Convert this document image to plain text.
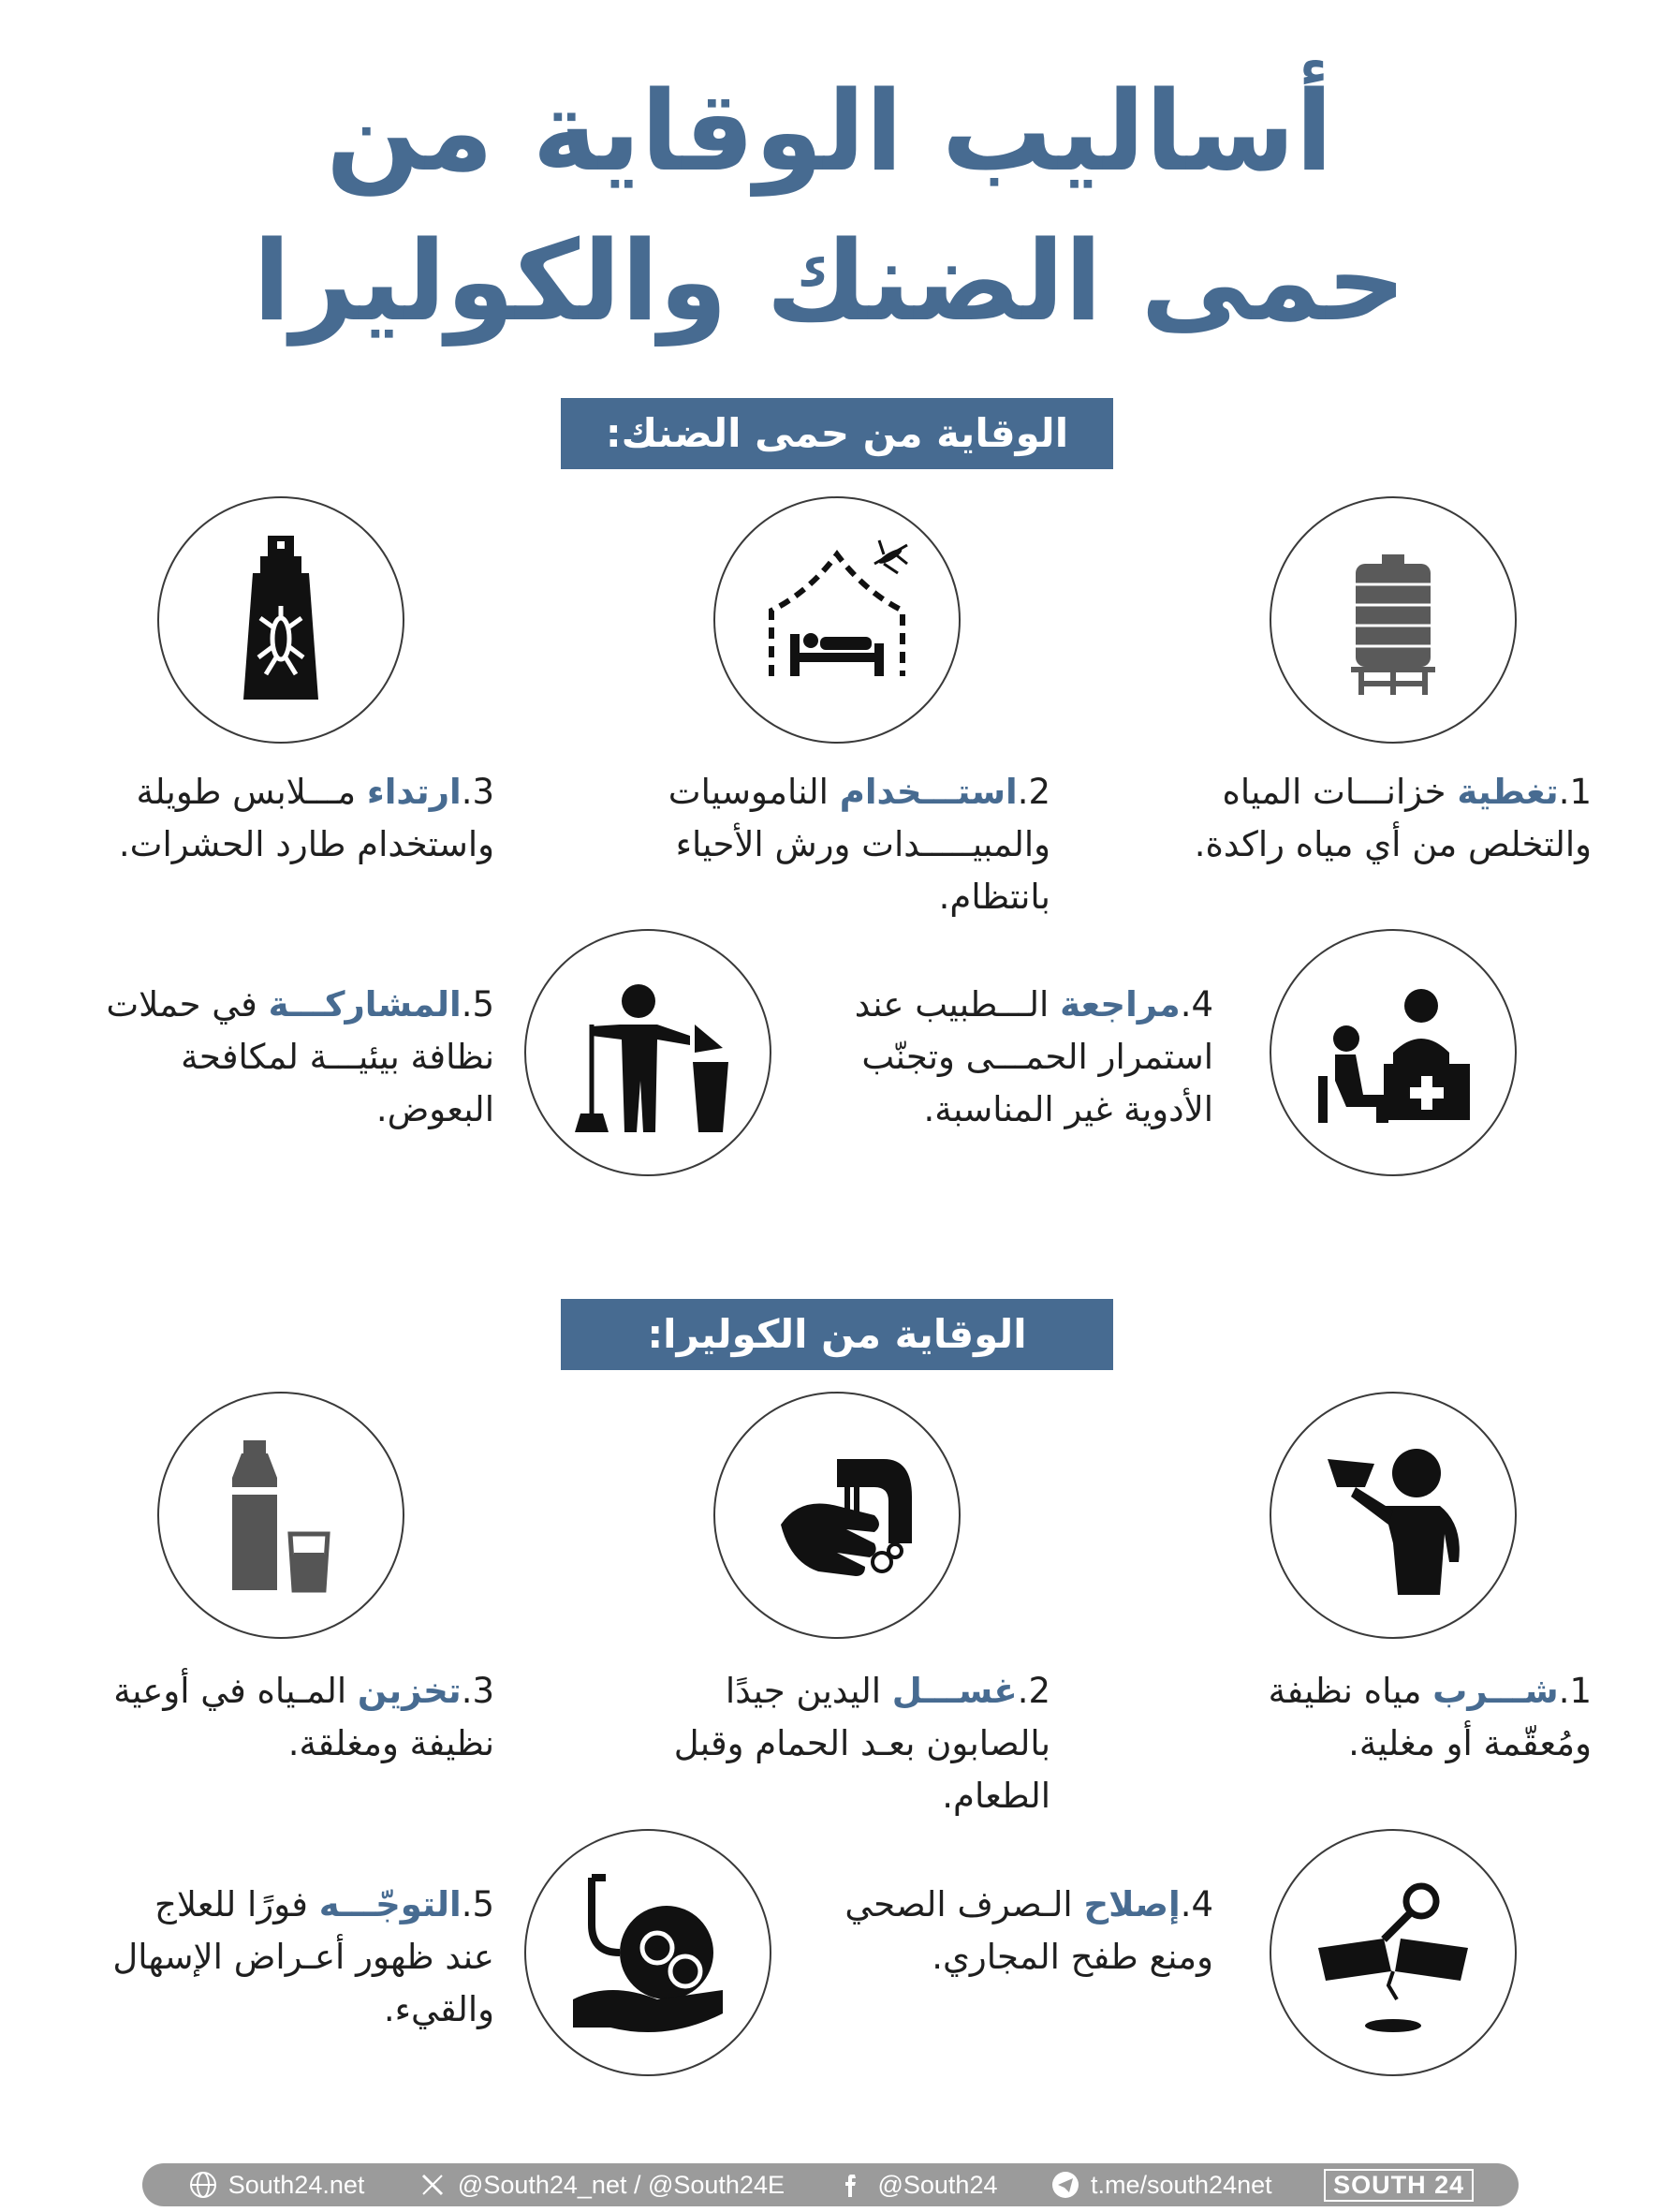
أساليب الوقاية من
حمى الضنك والكوليرا
الوقاية من حمى الضنك:
1.تغطية خزانـــات المياه
والتخلص من أي مياه راكدة.
2.استـــخدام الناموسيات
والمبيـــــدات ورش الأحياء بانتظام.
3.ارتداء مـــلابس طويلة
واستخدام طارد الحشرات.
4.مراجعة الـــطبيب عند
استمرار الحمـــى وتجنّب الأدوية غير المناسبة.
5.المشاركـــة في حملات
نظافة بيئيـــة لمكافحة البعوض.
الوقاية من الكوليرا:
1.شـــرب مياه نظيفة
ومُعقّمة أو مغلية.
2.غســـل اليدين جيدًا
بالصابون بعـد الحمام وقبل الطعام.
3.تخزين المـياه في أوعية
نظيفة ومغلقة.
4.إصلاح الـصرف الصحي
ومنع طفح المجاري.
5.التوجّـــه فورًا للعلاج
عند ظهور أعـراض الإسهال والقيء.
South24.net	@South24_net / @South24E	@South24	t.me/south24net	SOUTH 24
